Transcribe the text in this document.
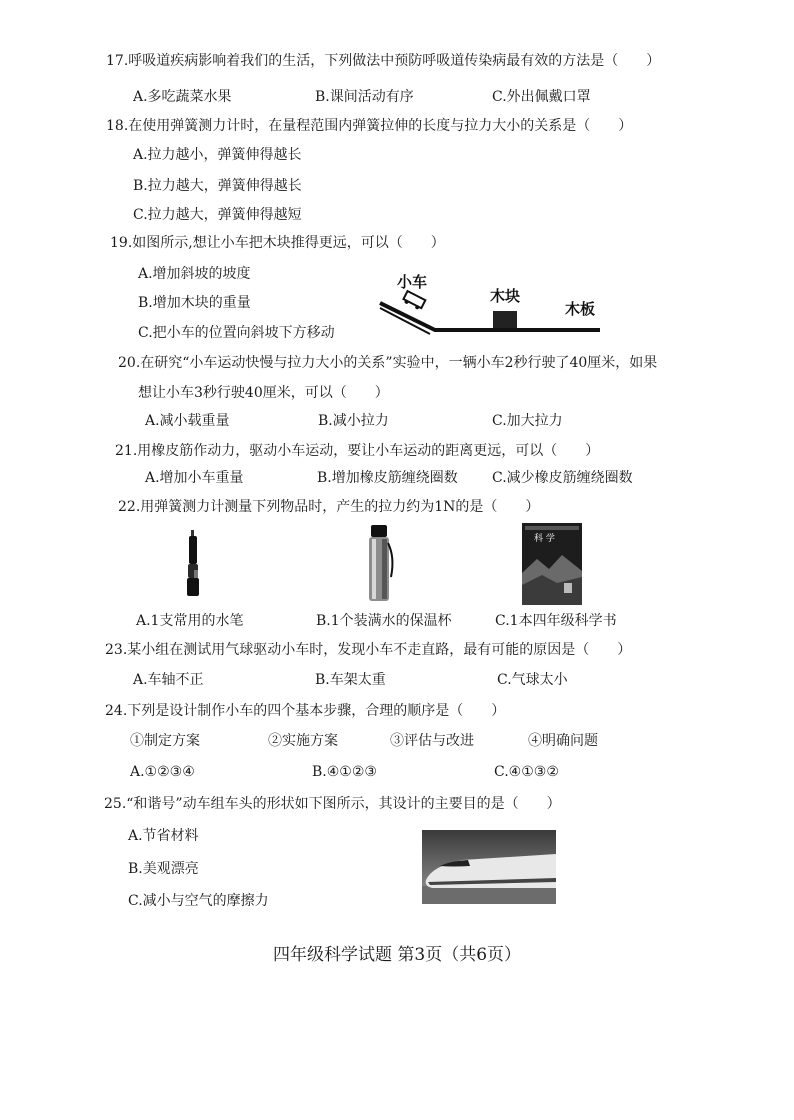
17.呼吸道疾病影响着我们的生活，下列做法中预防呼吸道传染病最有效的方法是（　　）
A.多吃蔬菜水果	B.课间活动有序	C.外出佩戴口罩
18.在使用弹簧测力计时，在量程范围内弹簧拉伸的长度与拉力大小的关系是（　　）
A.拉力越小，弹簧伸得越长
B.拉力越大，弹簧伸得越长
C.拉力越大，弹簧伸得越短
19.如图所示,想让小车把木块推得更远，可以（　　）
A.增加斜坡的坡度
B.增加木块的重量
C.把小车的位置向斜坡下方移动
小车
木块
木板
20.在研究“小车运动快慢与拉力大小的关系”实验中，一辆小车2秒行驶了40厘米，如果
想让小车3秒行驶40厘米，可以（　　）
A.减小载重量	B.减小拉力	C.加大拉力
21.用橡皮筋作动力，驱动小车运动，要让小车运动的距离更远，可以（　　）
A.增加小车重量	B.增加橡皮筋缠绕圈数 C.减少橡皮筋缠绕圈数
22.用弹簧测力计测量下列物品时，产生的拉力约为1N的是（　　）
科 学
A.1支常用的水笔	B.1个装满水的保温杯	C.1本四年级科学书
23.某小组在测试用气球驱动小车时，发现小车不走直路，最有可能的原因是（　　）
A.车轴不正	B.车架太重	C.气球太小
24.下列是设计制作小车的四个基本步骤，合理的顺序是（　　）
①制定方案	②实施方案	③评估与改进	④明确问题
A.①②③④	B.④①②③	C.④①③②
25.“和谐号”动车组车头的形状如下图所示，其设计的主要目的是（　　）
A.节省材料
B.美观漂亮
C.减小与空气的摩擦力
四年级科学试题 第3页（共6页）
